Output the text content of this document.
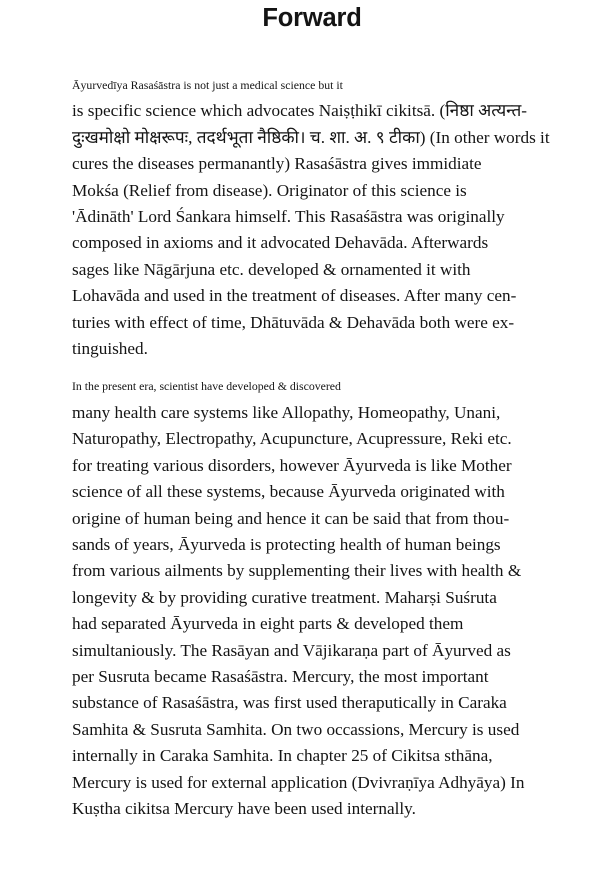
Forward

Āyurvedīya Rasaśāstra is not just a medical science but it
is specific science which advocates Naiṣṭhikī cikitsā. (निष्ठा अत्यन्त-
दुःखमोक्षो मोक्षरूपः, तदर्थभूता नैष्ठिकी। च. शा. अ. ९ टीका) (In other words it
cures the diseases permanantly) Rasaśāstra gives immidiate
Mokśa (Relief from disease). Originator of this science is
'Ādināth' Lord Śankara himself. This Rasaśāstra was originally
composed in axioms and it advocated Dehavāda. Afterwards
sages like Nāgārjuna etc. developed & ornamented it with
Lohavāda and used in the treatment of diseases. After many cen-
turies with effect of time, Dhātuvāda & Dehavāda both were ex-
tinguished.

In the present era, scientist have developed & discovered
many health care systems like Allopathy, Homeopathy, Unani,
Naturopathy, Electropathy, Acupuncture, Acupressure, Reki etc.
for treating various disorders, however Āyurveda is like Mother
science of all these systems, because Āyurveda originated with
origine of human being and hence it can be said that from thou-
sands of years, Āyurveda is protecting health of human beings
from various ailments by supplementing their lives with health &
longevity & by providing curative treatment. Maharṣi Suśruta
had separated Āyurveda in eight parts & developed them
simultaniously. The Rasāyan and Vājikaraṇa part of Āyurved as
per Susruta became Rasaśāstra. Mercury, the most important
substance of Rasaśāstra, was first used theraputically in Caraka
Samhita & Susruta Samhita. On two occassions, Mercury is used
internally in Caraka Samhita. In chapter 25 of Cikitsa sthāna,
Mercury is used for external application (Dvivraṇīya Adhyāya) In
Kuṣtha cikitsa Mercury have been used internally.
